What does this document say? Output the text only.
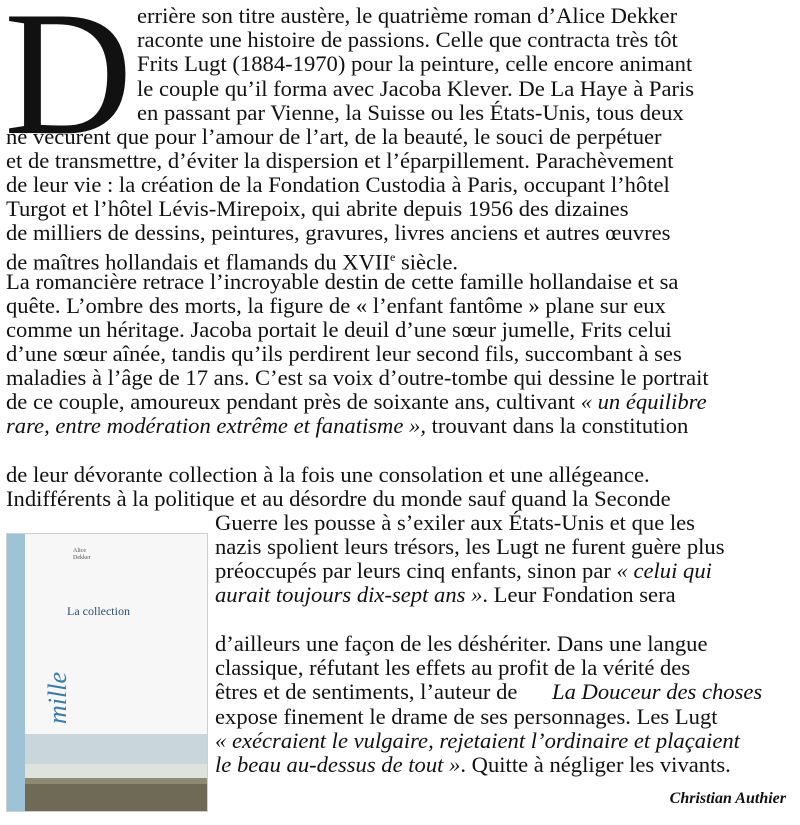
D errière son titre austère, le quatrième roman d’Alice Dekker
raconte une histoire de passions. Celle que contracta très tôt
Frits Lugt (1884-1970) pour la peinture, celle encore animant
le couple qu’il forma avec Jacoba Klever. De La Haye à Paris
en passant par Vienne, la Suisse ou les États-Unis, tous deux
ne vécurent que pour l’amour de l’art, de la beauté, le souci de perpétuer
et de transmettre, d’éviter la dispersion et l’éparpillement. Parachèvement
de leur vie : la création de la Fondation Custodia à Paris, occupant l’hôtel
Turgot et l’hôtel Lévis-Mirepoix, qui abrite depuis 1956 des dizaines
de milliers de dessins, peintures, gravures, livres anciens et autres œuvres
La romancière retrace l’incroyable destin de cette famille hollandaise et sa
quête. L’ombre des morts, la figure de « l’enfant fantôme » plane sur eux
comme un héritage. Jacoba portait le deuil d’une sœur jumelle, Frits celui
d’une sœur aînée, tandis qu’ils perdirent leur second fils, succombant à ses
maladies à l’âge de 17 ans. C’est sa voix d’outre-tombe qui dessine le portrait
de leur dévorante collection à la fois une consolation et une allégeance.
Indifférents à la politique et au désordre du monde sauf quand la Seconde
Guerre les pousse à s’exiler aux États-Unis et que les
nazis spolient leurs trésors, les Lugt ne furent guère plus
d’ailleurs une façon de les déshériter. Dans une langue
classique, réfutant les effets au profit de la vérité des
êtres et de sentiments, l’auteur de
expose finement le drame de ses personnages. Les Lugt
de maîtres hollandais et flamands du XVIIe siècle.
de ce couple, amoureux pendant près de soixante ans, cultivant « un équilibre
rare, entre modération extrême et fanatisme », trouvant dans la constitution
préoccupés par leurs cinq enfants, sinon par « celui qui
aurait toujours dix-sept ans ». Leur Fondation sera
La Douceur des choses
« exécraient le vulgaire, rejetaient l’ordinaire et plaçaient
le beau au-dessus de tout ». Quitte à négliger les vivants.
Christian Authier
Alice
Dekker
La collection
mille
